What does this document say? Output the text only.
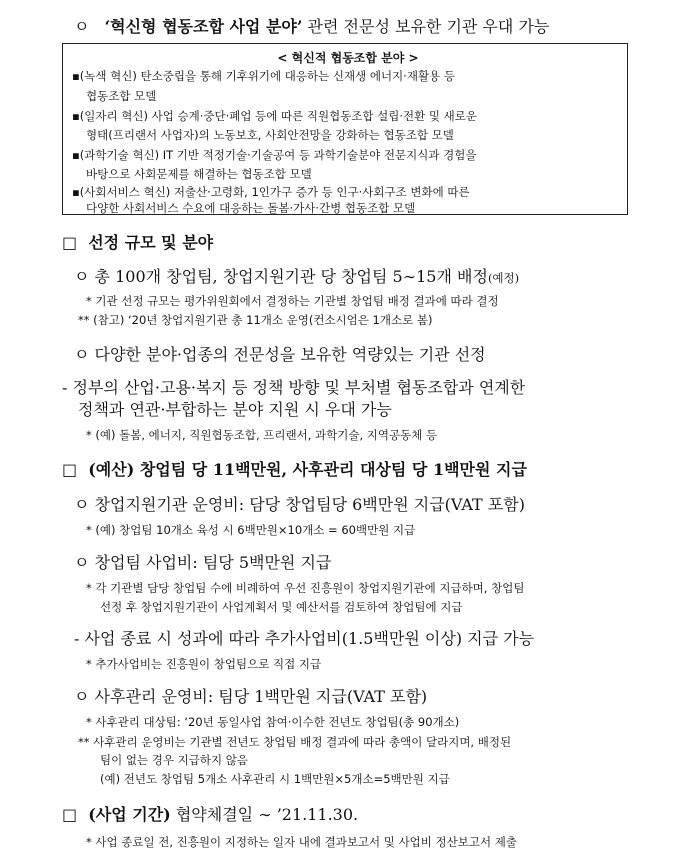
ㅇ ‘혁신형 협동조합 사업 분야’ 관련 전문성 보유한 기관 우대 가능
< 혁신적 협동조합 분야 >
▪(녹색 혁신) 탄소중립을 통해 기후위기에 대응하는 신재생 에너지·재활용 등
협동조합 모델
▪(일자리 혁신) 사업 승계·중단·폐업 등에 따른 직원협동조합 설립·전환 및 새로운
형태(프리랜서 사업자)의 노동보호, 사회안전망을 강화하는 협동조합 모델
▪(과학기술 혁신) IT 기반 적정기술·기술공여 등 과학기술분야 전문지식과 경험을
바탕으로 사회문제를 해결하는 협동조합 모델
▪(사회서비스 혁신) 저출산·고령화, 1인가구 증가 등 인구·사회구조 변화에 따른
다양한 사회서비스 수요에 대응하는 돌봄·가사·간병 협동조합 모델
□ 선정 규모 및 분야
ㅇ 총 100개 창업팀, 창업지원기관 당 창업팀 5∼15개 배정(예정)
* 기관 선정 규모는 평가위원회에서 결정하는 기관별 창업팀 배정 결과에 따라 결정
** (참고) ‘20년 창업지원기관 총 11개소 운영(컨소시엄은 1개소로 봄)
ㅇ 다양한 분야·업종의 전문성을 보유한 역량있는 기관 선정
- 정부의 산업·고용·복지 등 정책 방향 및 부처별 협동조합과 연계한
정책과 연관·부합하는 분야 지원 시 우대 가능
* (예) 돌봄, 에너지, 직원협동조합, 프리랜서, 과학기술, 지역공동체 등
□ (예산) 창업팀 당 11백만원, 사후관리 대상팀 당 1백만원 지급
ㅇ 창업지원기관 운영비: 담당 창업팀당 6백만원 지급(VAT 포함)
* (예) 창업팀 10개소 육성 시 6백만원×10개소 = 60백만원 지급
ㅇ 창업팀 사업비: 팀당 5백만원 지급
* 각 기관별 담당 창업팀 수에 비례하여 우선 진흥원이 창업지원기관에 지급하며, 창업팀
선정 후 창업지원기관이 사업계획서 및 예산서를 검토하여 창업팀에 지급
- 사업 종료 시 성과에 따라 추가사업비(1.5백만원 이상) 지급 가능
* 추가사업비는 진흥원이 창업팀으로 직접 지급
ㅇ 사후관리 운영비: 팀당 1백만원 지급(VAT 포함)
* 사후관리 대상팀: ‘20년 동일사업 참여·이수한 전년도 창업팀(총 90개소)
** 사후관리 운영비는 기관별 전년도 창업팀 배정 결과에 따라 총액이 달라지며, 배정된
팀이 없는 경우 지급하지 않음
(예) 전년도 창업팀 5개소 사후관리 시 1백만원×5개소=5백만원 지급
□ (사업 기간) 협약체결일 ∼ ’21.11.30.
* 사업 종료일 전, 진흥원이 지정하는 일자 내에 결과보고서 및 사업비 정산보고서 제출
